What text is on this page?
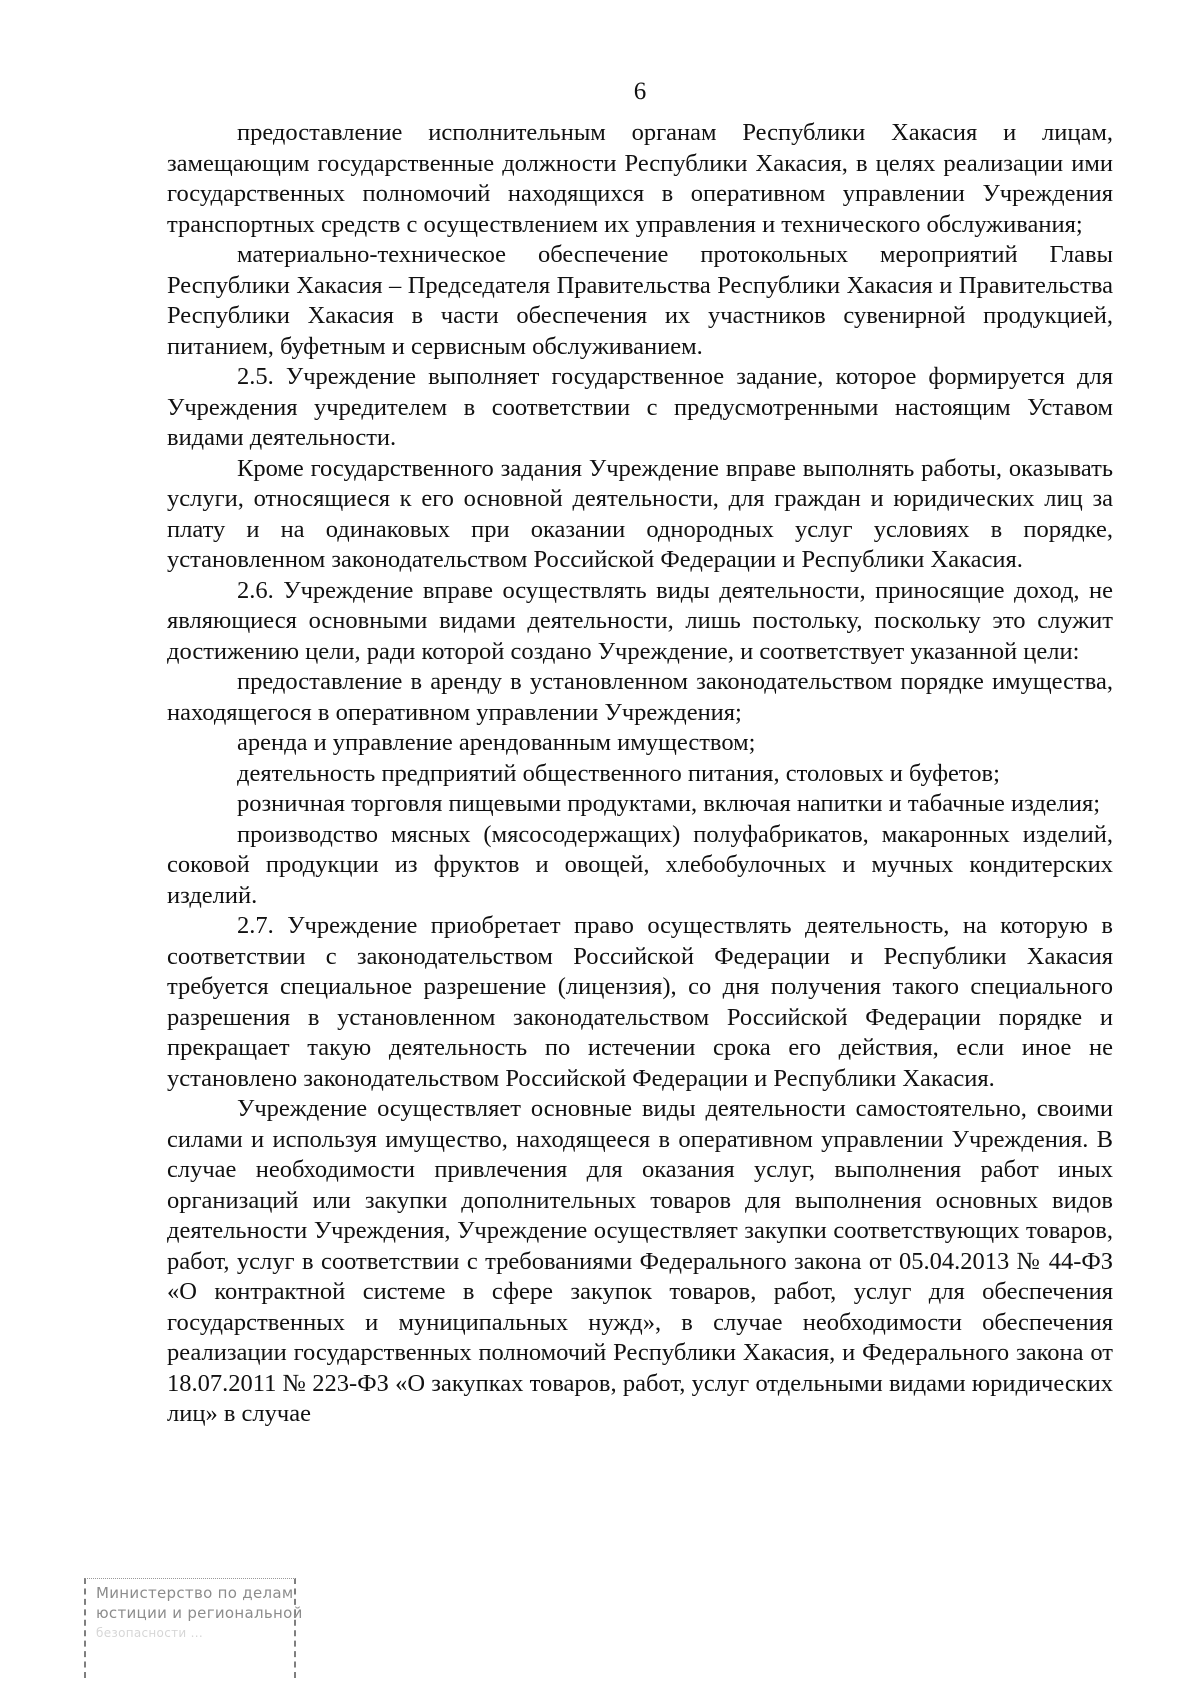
6

предоставление исполнительным органам Республики Хакасия и лицам, замещающим государственные должности Республики Хакасия, в целях реализации ими государственных полномочий находящихся в оперативном управлении Учреждения транспортных средств с осуществлением их управления и технического обслуживания;

материально-техническое обеспечение протокольных мероприятий Главы Республики Хакасия – Председателя Правительства Республики Хакасия и Правительства Республики Хакасия в части обеспечения их участников сувенирной продукцией, питанием, буфетным и сервисным обслуживанием.

2.5. Учреждение выполняет государственное задание, которое формируется для Учреждения учредителем в соответствии с предусмотренными настоящим Уставом видами деятельности.

Кроме государственного задания Учреждение вправе выполнять работы, оказывать услуги, относящиеся к его основной деятельности, для граждан и юридических лиц за плату и на одинаковых при оказании однородных услуг условиях в порядке, установленном законодательством Российской Федерации и Республики Хакасия.

2.6. Учреждение вправе осуществлять виды деятельности, приносящие доход, не являющиеся основными видами деятельности, лишь постольку, поскольку это служит достижению цели, ради которой создано Учреждение, и соответствует указанной цели:

предоставление в аренду в установленном законодательством порядке имущества, находящегося в оперативном управлении Учреждения;

аренда и управление арендованным имуществом;

деятельность предприятий общественного питания, столовых и буфетов;

розничная торговля пищевыми продуктами, включая напитки и табачные изделия;

производство мясных (мясосодержащих) полуфабрикатов, макаронных изделий, соковой продукции из фруктов и овощей, хлебобулочных и мучных кондитерских изделий.

2.7. Учреждение приобретает право осуществлять деятельность, на которую в соответствии с законодательством Российской Федерации и Республики Хакасия требуется специальное разрешение (лицензия), со дня получения такого специального разрешения в установленном законодательством Российской Федерации порядке и прекращает такую деятельность по истечении срока его действия, если иное не установлено законодательством Российской Федерации и Республики Хакасия.

Учреждение осуществляет основные виды деятельности самостоятельно, своими силами и используя имущество, находящееся в оперативном управлении Учреждения. В случае необходимости привлечения для оказания услуг, выполнения работ иных организаций или закупки дополнительных товаров для выполнения основных видов деятельности Учреждения, Учреждение осуществляет закупки соответствующих товаров, работ, услуг в соответствии с требованиями Федерального закона от 05.04.2013 № 44-ФЗ «О контрактной системе в сфере закупок товаров, работ, услуг для обеспечения государственных и муниципальных нужд», в случае необходимости обеспечения реализации государственных полномочий Республики Хакасия, и Федерального закона от 18.07.2011 № 223-ФЗ «О закупках товаров, работ, услуг отдельными видами юридических лиц» в случае

Министерство по делам
юстиции и региональной
безопасности ...
